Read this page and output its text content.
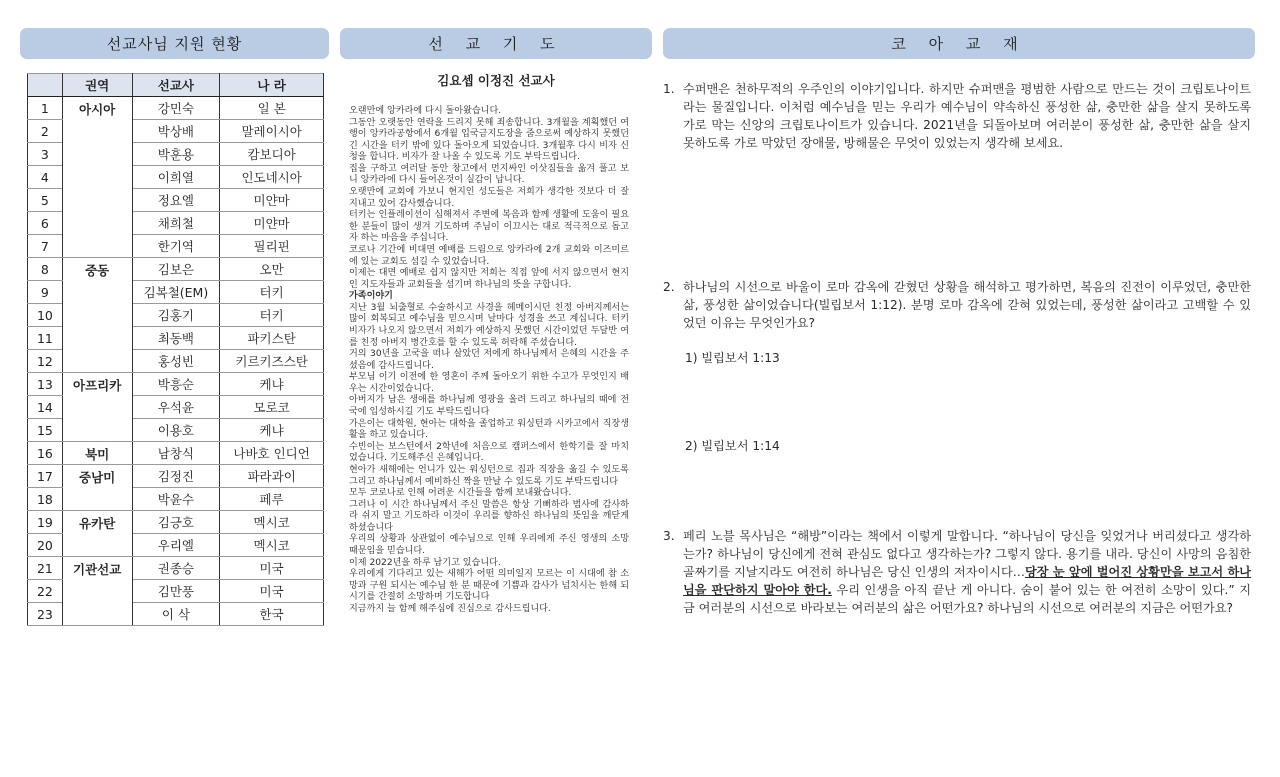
선교사님 지원 현황	선 교 기 도	코 아 교 재
	권역	선교사	나 라
1	아시아	강민숙	일 본
2		박상배	말레이시아
3		박훈용	캄보디아
4		이희열	인도네시아
5		정요엘	미얀마
6		채희철	미얀마
7		한기역	필리핀
8	중동	김보은	오만
9		김복철(EM)	터키
10		김홍기	터키
11		최동백	파키스탄
12		홍성빈	키르키즈스탄
13	아프리카	박흥순	케냐
14		우석윤	모로코
15		이용호	케냐
16	북미	남창식	나바호 인디언
17	중남미	김정진	파라과이
18		박윤수	페루
19	유카탄	김긍호	멕시코
20		우리엘	멕시코
21	기관선교	권종승	미국
22		김만풍	미국
23		이 삭	한국
김요셉 이정진 선교사

오랜만에 앙카라에 다시 돌아왔습니다.

그동안 오랫동안 연락을 드리지 못해 죄송합니다. 3개월을 계획했던 여행이 앙카라공항에서 6개월 입국금지도장을 줌으로써 예상하지 못했던 긴 시간을 터키 밖에 있다 돌아오게 되었습니다. 3개월후 다시 비자 신청을 합니다. 비자가 잘 나올 수 있도록 기도 부탁드립니다.

집을 구하고 여러달 동안 창고에서 먼지싸인 이삿짐들을 옮겨 풀고 보니 앙카라에 다시 들어온것이 실감이 납니다.

오랫만에 교회에 가보니 현지인 성도들은 저희가 생각한 것보다 더 잘 지내고 있어 감사했습니다.

터키는 인플레이션이 심해져서 주변에 복음과 함께 생활에 도움이 필요한 분들이 많이 생겨 기도하며 주님이 이끄시는 대로 적극적으로 돕고자 하는 마음을 주십니다.

코로나 기간에 비대면 예배를 드림으로 앙카라에 2개 교회와 이즈미르에 있는 교회도 섬길 수 있었습니다.

이제는 대면 예배로 쉽지 않지만 저희는 직접 앞에 서지 않으면서 현지인 지도자들과 교회들을 섬기며 하나님의 뜻을 구합니다.

가족이야기

지난 3월 뇌출혈로 수술하시고 사경을 헤메이시던 친정 아버지께서는 많이 회복되고 예수님을 믿으시며 날마다 성경을 쓰고 계십니다. 터키 비자가 나오지 않으면서 저희가 예상하지 못했던 시간이었던 두달반 여를 친정 아버지 병간호를 할 수 있도록 허락해 주셨습니다.

거의 30년을 고국을 떠나 살았던 저에게 하나님께서 은혜의 시간을 주셨음에 감사드립니다.

부모님 이기 이전에 한 영혼이 주께 돌아오기 위한 수고가 무엇인지 배우는 시간이었습니다.

아버지가 남은 생애를 하나님께 영광을 올려 드리고 하나님의 때에 전국에 입성하시길 기도 부탁드립니다

가은이는 대학원, 현아는 대학을 졸업하고 워싱턴과 시카고에서 직장생활을 하고 있습니다.

수빈이는 보스턴에서 2학년에 처음으로 캠퍼스에서 한학기를 잘 마치었습니다. 기도해주신 은혜입니다.

현아가 새해에는 언니가 있는 워싱턴으로 집과 직장을 옮길 수 있도록 그리고 하나님께서 예비하신 짝을 만날 수 있도록 기도 부탁드립니다

모두 코로나로 인해 어려운 시간들을 함께 보내왔습니다.

그러나 이 시간 하나님께서 주신 말씀은 항상 기뻐하라 범사에 감사하라 쉬지 말고 기도하라 이것이 우리를 향하신 하나님의 뜻임을 깨닫게 하셨습니다

우리의 상황과 상관없이 예수님으로 인해 우리에게 주신 영생의 소망 때문임을 믿습니다.

이제 2022년을 하루 남기고 있습니다.

우리에게 기다리고 있는 새해가 어떤 의미일지 모르는 이 시대에 참 소망과 구원 되시는 예수님 한 분 때문에 기쁨과 감사가 넘치시는 한해 되시기를 간절히 소망하며 기도합니다

지금까지 늘 함께 해주심에 진심으로 감사드립니다.

1. 수퍼맨은 천하무적의 우주인의 이야기입니다. 하지만 슈퍼맨을 평범한 사람으로 만드는 것이 크립토나이트라는 물질입니다. 이처럼 예수님을 믿는 우리가 예수님이 약속하신 풍성한 삶, 충만한 삶을 살지 못하도록 가로 막는 신앙의 크립토나이트가 있습니다. 2021년을 되돌아보며 여러분이 풍성한 삶, 충만한 삶을 살지 못하도록 가로 막았던 장애물, 방해물은 무엇이 있었는지 생각해 보세요.
2. 하나님의 시선으로 바울이 로마 감옥에 갇혔던 상황을 해석하고 평가하면, 복음의 진전이 이루었던, 충만한 삶, 풍성한 삶이었습니다(빌립보서 1:12). 분명 로마 감옥에 갇혀 있었는데, 풍성한 삶이라고 고백할 수 있었던 이유는 무엇인가요?
1) 빌립보서 1:13
2) 빌립보서 1:14
3. 페리 노블 목사님은 “해방”이라는 책에서 이렇게 말합니다. “하나님이 당신을 잊었거나 버리셨다고 생각하는가? 하나님이 당신에게 전혀 관심도 없다고 생각하는가? 그렇지 않다. 용기를 내라. 당신이 사망의 음침한 골짜기를 지날지라도 여전히 하나님은 당신 인생의 저자이시다…당장 눈 앞에 벌어진 상황만을 보고서 하나님을 판단하지 말아야 한다. 우리 인생을 아직 끝난 게 아니다. 숨이 붙어 있는 한 여전히 소망이 있다.” 지금 여러분의 시선으로 바라보는 여러분의 삶은 어떤가요? 하나님의 시선으로 여러분의 지금은 어떤가요?
